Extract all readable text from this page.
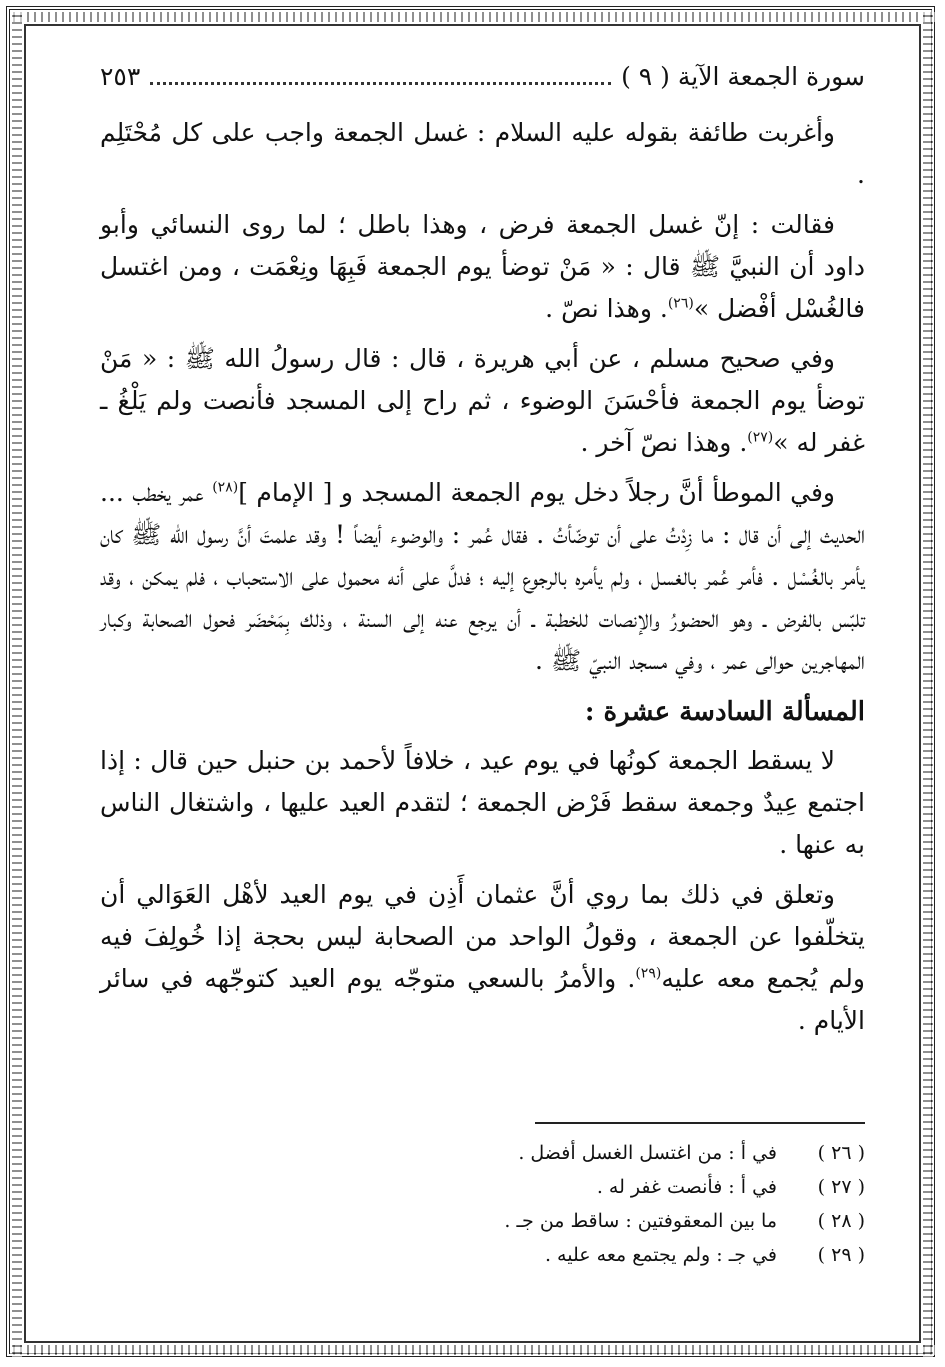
سورة الجمعة الآية ( ٩ )
٢٥٣

وأغربت طائفة بقوله عليه السلام : غسل الجمعة واجب على كل مُحْتَلِم .

فقالت : إنّ غسل الجمعة فرض ، وهذا باطل ؛ لما روى النسائي وأبو داود أن النبيَّ ﷺ قال : « مَنْ توضأ يوم الجمعة فَبِهَا ونِعْمَت ، ومن اغتسل فالغُسْل أفْضل »$^{(٢٦)}$. وهذا نصّ .

وفي صحيح مسلم ، عن أبي هريرة ، قال : قال رسولُ الله ﷺ : « مَنْ توضأ يوم الجمعة فأحْسَنَ الوضوء ، ثم راح إلى المسجد فأنصت ولم يَلْغُ ـ غفر له »$^{(٢٧)}$. وهذا نصّ آخر .

وفي الموطأ أنَّ رجلاً دخل يوم الجمعة المسجد و [ الإمام ]$^{(٢٨)}$ عمر يخطب ... الحديث إلى أن قال : ما زِدْتُ على أن توضّأتُ . فقال عُمر : والوضوء أيضاً ! وقد علمتَ أنَّ رسول الله ﷺ كان يأمر بالغُسْل . فأمر عُمر بالغسل ، ولم يأمره بالرجوع إليه ؛ فدلَّ على أنه محمول على الاستحباب ، فلم يمكن ، وقد تلبّس بالفرض ـ وهو الحضورُ والإنصات للخطبة ـ أن يرجع عنه إلى السنة ، وذلك بِمَحْضَر فحول الصحابة وكبار المهاجرين حوالى عمر ، وفي مسجد النبيّ ﷺ .

المسألة السادسة عشرة :

لا يسقط الجمعة كونُها في يوم عيد ، خلافاً لأحمد بن حنبل حين قال : إذا اجتمع عِيدٌ وجمعة سقط فَرْض الجمعة ؛ لتقدم العيد عليها ، واشتغال الناس به عنها .

وتعلق في ذلك بما روي أنَّ عثمان أَذِن في يوم العيد لأهْل العَوَالي أن يتخلّفوا عن الجمعة ، وقولُ الواحد من الصحابة ليس بحجة إذا خُولِفَ فيه ولم يُجمع معه عليه$^{(٢٩)}$. والأمرُ بالسعي متوجّه يوم العيد كتوجّهه في سائر الأيام .

( ٢٦ )
في أ : من اغتسل الغسل أفضل .

( ٢٧ )
في أ : فأنصت غفر له .

( ٢٨ )
ما بين المعقوفتين : ساقط من جـ .

( ٢٩ )
في جـ : ولم يجتمع معه عليه .
